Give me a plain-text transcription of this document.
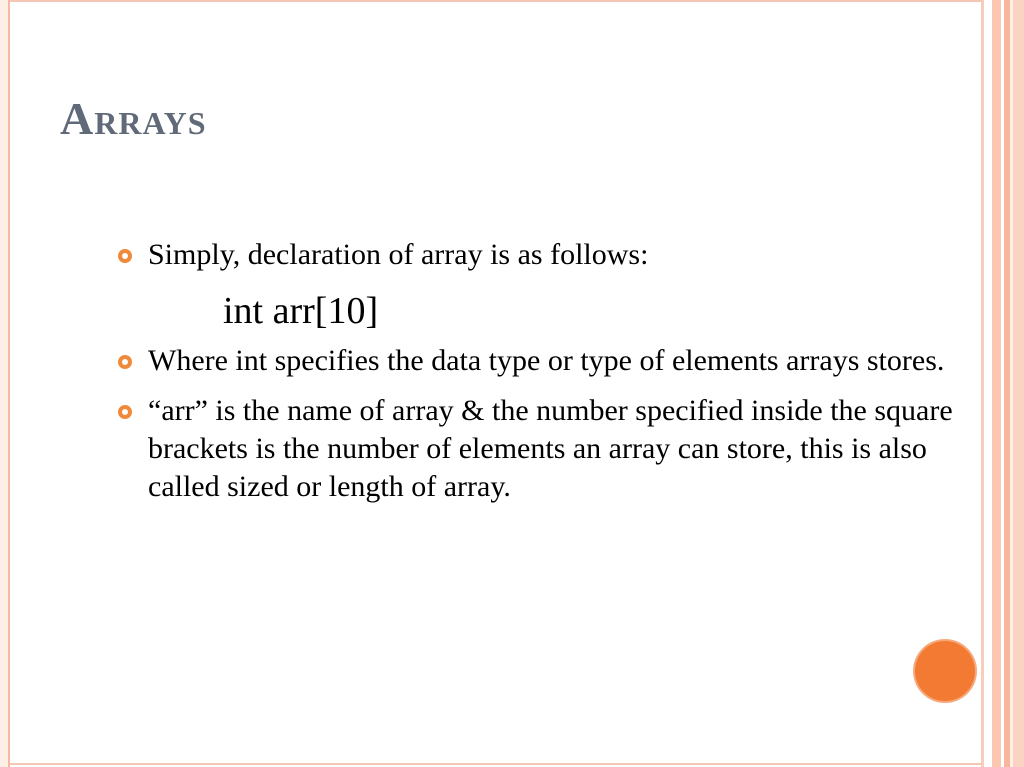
Arrays
Simply, declaration of array is as follows:
int arr[10]
Where int specifies the data type or type of elements arrays stores.
“arr” is the name of array & the number specified inside the square brackets is the number of elements an array can store, this is also called sized or length of array.
